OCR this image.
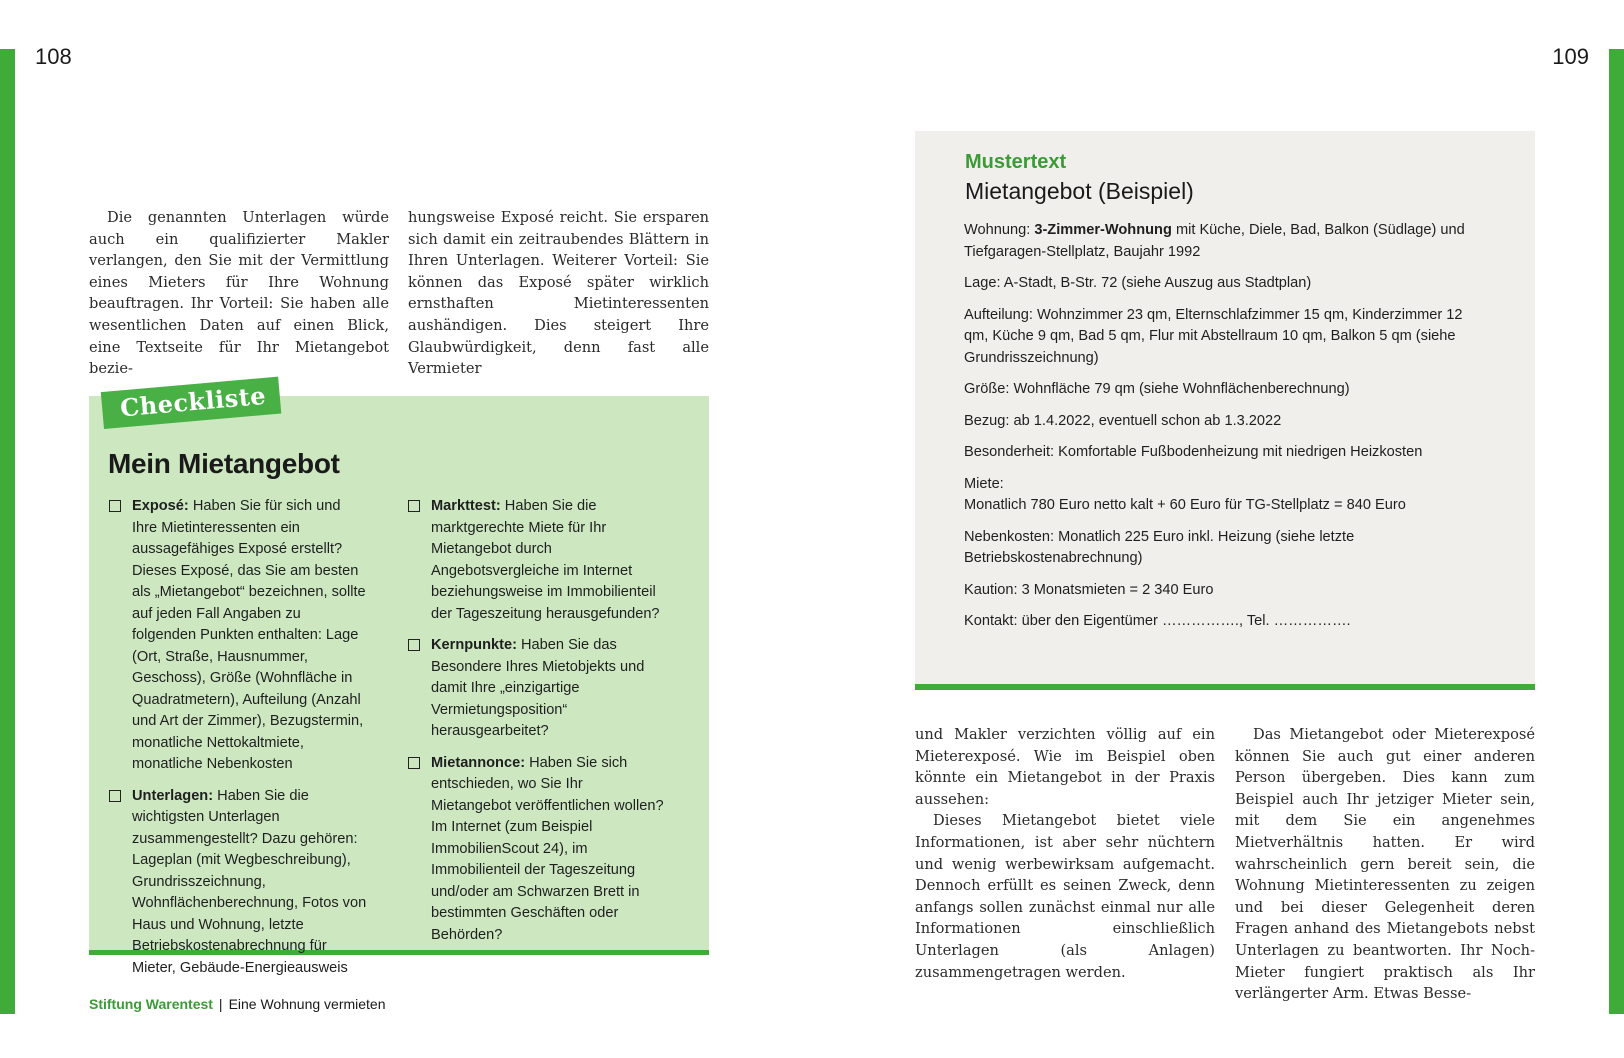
108	109

Die genannten Unterlagen würde auch ein qualifizierter Makler verlangen, den Sie mit der Vermittlung eines Mieters für Ihre Wohnung beauftragen. Ihr Vorteil: Sie haben alle wesentlichen Daten auf einen Blick, eine Textseite für Ihr Mietangebot bezie-

hungsweise Exposé reicht. Sie ersparen sich damit ein zeitraubendes Blättern in Ihren Unterlagen. Weiterer Vorteil: Sie können das Exposé später wirklich ernsthaften Mietinteressenten aushändigen. Dies steigert Ihre Glaubwürdigkeit, denn fast alle Vermieter

Checkliste
Mein Mietangebot
Exposé: Haben Sie für sich und Ihre Mietinteressenten ein aussagefähiges Exposé erstellt? Dieses Exposé, das Sie am besten als „Mietangebot“ bezeichnen, sollte auf jeden Fall Angaben zu folgenden Punkten enthalten: Lage (Ort, Straße, Hausnummer, Geschoss), Größe (Wohnfläche in Quadratmetern), Aufteilung (Anzahl und Art der Zimmer), Bezugstermin, monatliche Nettokaltmiete, monatliche Nebenkosten
Unterlagen: Haben Sie die wichtigsten Unterlagen zusammengestellt? Dazu gehören: Lageplan (mit Wegbeschreibung), Grundrisszeichnung, Wohnflächenberechnung, Fotos von Haus und Wohnung, letzte Betriebskostenabrechnung für Mieter, Gebäude-Energieausweis
Markttest: Haben Sie die marktgerechte Miete für Ihr Mietangebot durch Angebotsvergleiche im Internet beziehungsweise im Immobilienteil der Tageszeitung herausgefunden?
Kernpunkte: Haben Sie das Besondere Ihres Mietobjekts und damit Ihre „einzigartige Vermietungsposition“ herausgearbeitet?
Mietannonce: Haben Sie sich entschieden, wo Sie Ihr Mietangebot veröffentlichen wollen? Im Internet (zum Beispiel ImmobilienScout 24), im Immobilienteil der Tageszeitung und/oder am Schwarzen Brett in bestimmten Geschäften oder Behörden?
Mustertext
Mietangebot (Beispiel)
Wohnung: 3-Zimmer-Wohnung mit Küche, Diele, Bad, Balkon (Südlage) und Tiefgaragen-Stellplatz, Baujahr 1992
Lage: A-Stadt, B-Str. 72 (siehe Auszug aus Stadtplan)
Aufteilung: Wohnzimmer 23 qm, Elternschlafzimmer 15 qm, Kinderzimmer 12 qm, Küche 9 qm, Bad 5 qm, Flur mit Abstellraum 10 qm, Balkon 5 qm (siehe Grundrisszeichnung)
Größe: Wohnfläche 79 qm (siehe Wohnflächenberechnung)
Bezug: ab 1.4.2022, eventuell schon ab 1.3.2022
Besonderheit: Komfortable Fußbodenheizung mit niedrigen Heizkosten
Miete:
Monatlich 780 Euro netto kalt + 60 Euro für TG-Stellplatz = 840 Euro
Nebenkosten: Monatlich 225 Euro inkl. Heizung (siehe letzte Betriebskostenabrechnung)
Kaution: 3 Monatsmieten = 2 340 Euro
Kontakt: über den Eigentümer ……………., Tel. …………….

und Makler verzichten völlig auf ein Mieterexposé. Wie im Beispiel oben könnte ein Mietangebot in der Praxis aussehen:

Dieses Mietangebot bietet viele Informationen, ist aber sehr nüchtern und wenig werbewirksam aufgemacht. Dennoch erfüllt es seinen Zweck, denn anfangs sollen zunächst einmal nur alle Informationen einschließlich Unterlagen (als Anlagen) zusammengetragen werden.

Das Mietangebot oder Mieterexposé können Sie auch gut einer anderen Person übergeben. Dies kann zum Beispiel auch Ihr jetziger Mieter sein, mit dem Sie ein angenehmes Mietverhältnis hatten. Er wird wahrscheinlich gern bereit sein, die Wohnung Mietinteressenten zu zeigen und bei dieser Gelegenheit deren Fragen anhand des Mietangebots nebst Unterlagen zu beantworten. Ihr Noch-Mieter fungiert praktisch als Ihr verlängerter Arm. Etwas Besse-

Stiftung Warentest | Eine Wohnung vermieten
